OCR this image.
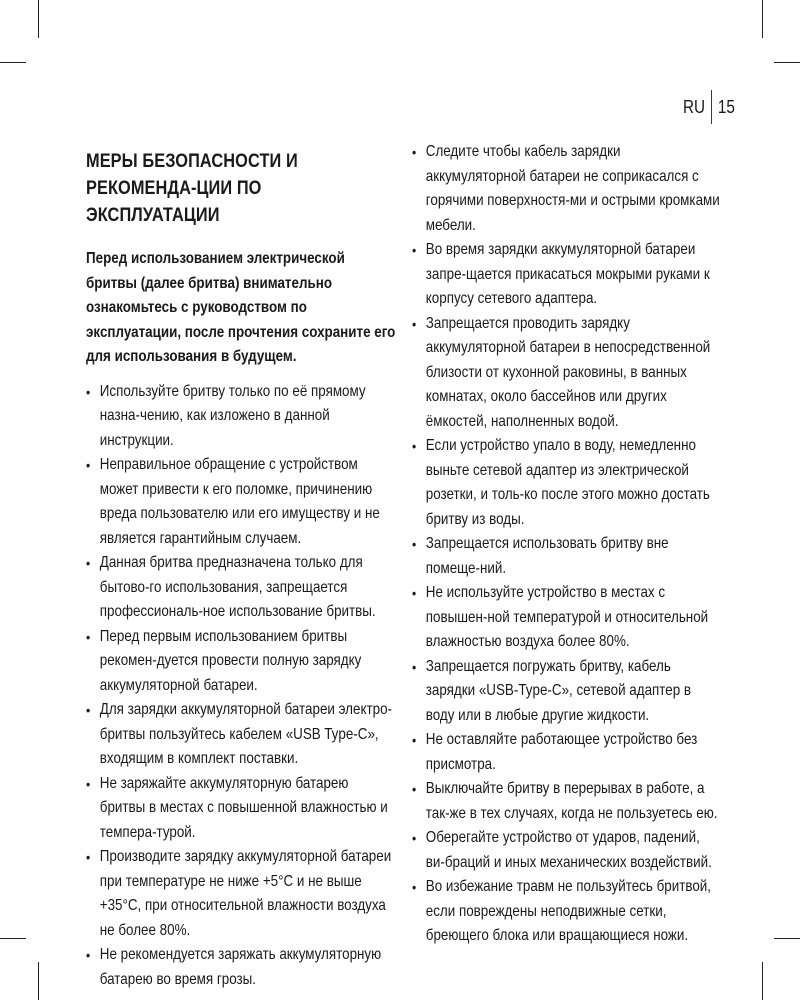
RU 15
МЕРЫ БЕЗОПАСНОСТИ И РЕКОМЕНДА-ЦИИ ПО ЭКСПЛУАТАЦИИ

Перед использованием электрической бритвы (далее бритва) внимательно ознакомьтесь с руководством по эксплуатации, после прочтения сохраните его для использования в будущем.

• Используйте бритву только по её прямому назна-чению, как изложено в данной инструкции.
• Неправильное обращение с устройством может привести к его поломке, причинению вреда пользователю или его имуществу и не является гарантийным случаем.
• Данная бритва предназначена только для бытово-го использования, запрещается профессиональ-ное использование бритвы.
• Перед первым использованием бритвы рекомен-дуется провести полную зарядку аккумуляторной батареи.
• Для зарядки аккумуляторной батареи электро-бритвы пользуйтесь кабелем «USB Type-C», входящим в комплект поставки.
• Не заряжайте аккумуляторную батарею бритвы в местах с повышенной влажностью и темпера-турой.
• Производите зарядку аккумуляторной батареи при температуре не ниже +5°С и не выше +35°С, при относительной влажности воздуха не более 80%.
• Не рекомендуется заряжать аккумуляторную батарею во время грозы.
• Следите чтобы кабель зарядки аккумуляторной батареи не соприкасался с горячими поверхностя-ми и острыми кромками мебели.
• Во время зарядки аккумуляторной батареи запре-щается прикасаться мокрыми руками к корпусу сетевого адаптера.
• Запрещается проводить зарядку аккумуляторной батареи в непосредственной близости от кухонной раковины, в ванных комнатах, около бассейнов или других ёмкостей, наполненных водой.
• Если устройство упало в воду, немедленно выньте сетевой адаптер из электрической розетки, и толь-ко после этого можно достать бритву из воды.
• Запрещается использовать бритву вне помеще-ний.
• Не используйте устройство в местах с повышен-ной температурой и относительной влажностью воздуха более 80%.
• Запрещается погружать бритву, кабель зарядки «USB-Type-C», сетевой адаптер в воду или в любые другие жидкости.
• Не оставляйте работающее устройство без присмотра.
• Выключайте бритву в перерывах в работе, а так-же в тех случаях, когда не пользуетесь ею.
• Оберегайте устройство от ударов, падений, ви-браций и иных механических воздействий.
• Во избежание травм не пользуйтесь бритвой, если повреждены неподвижные сетки, бреющего блока или вращающиеся ножи.
